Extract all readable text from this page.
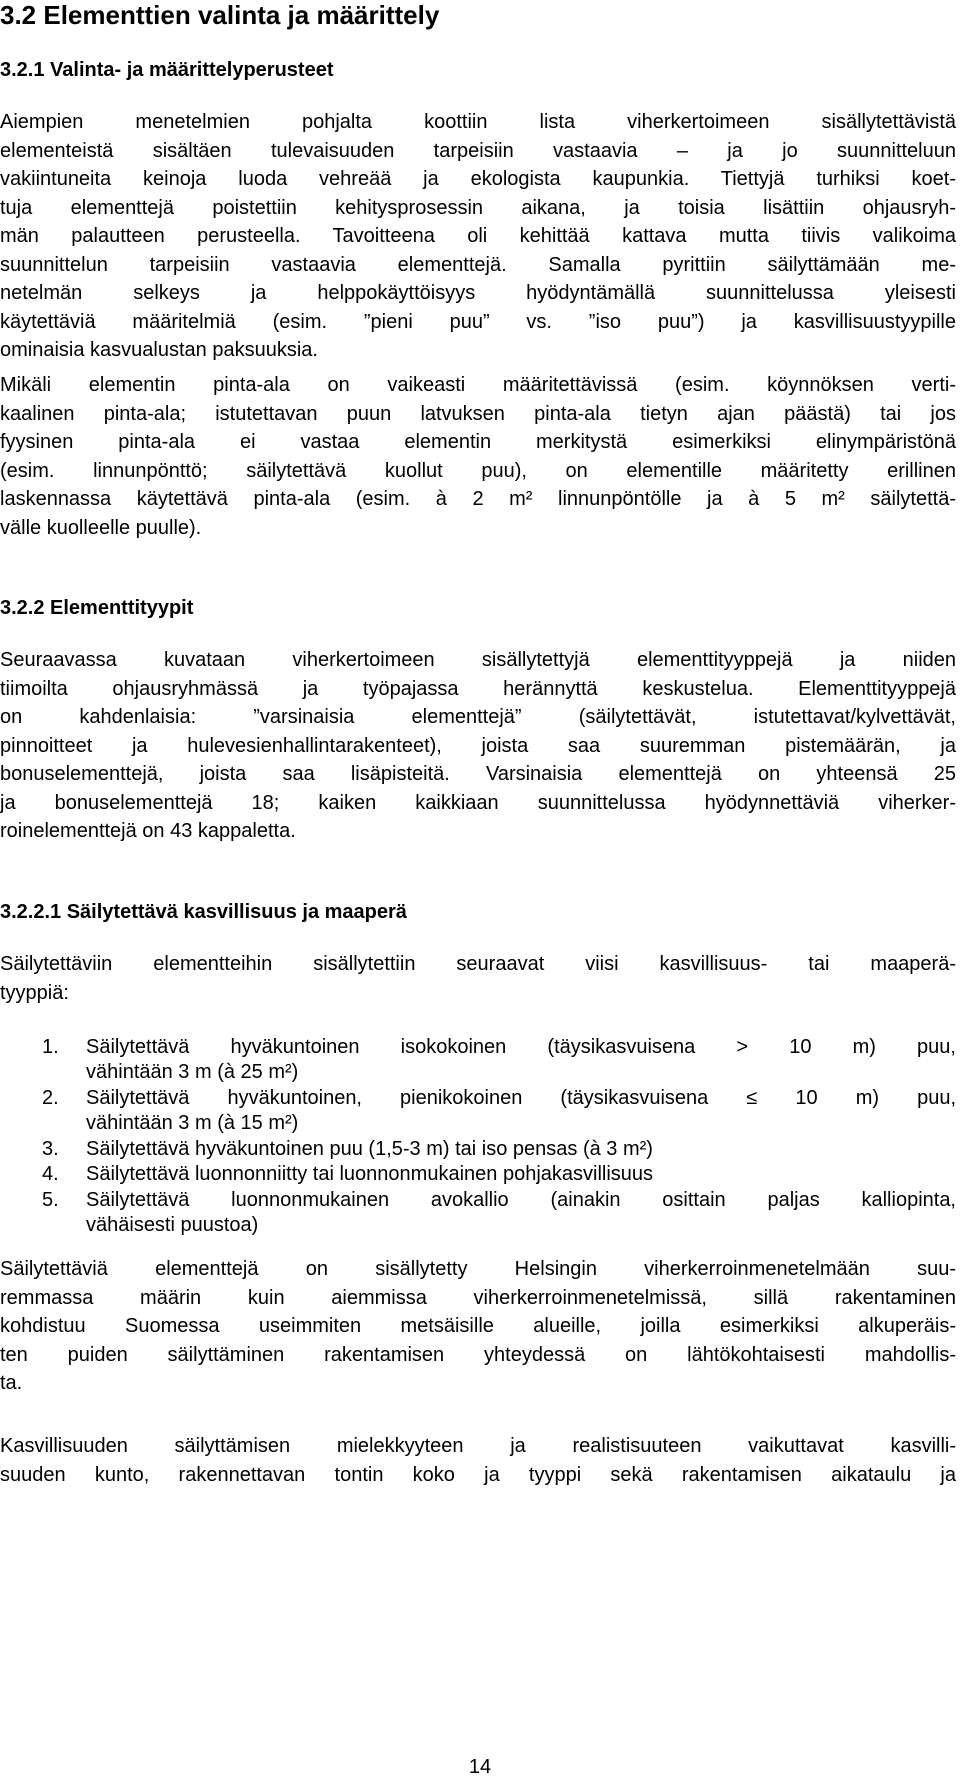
3.2 Elementtien valinta ja määrittely
3.2.1 Valinta- ja määrittelyperusteet
Aiempien menetelmien pohjalta koottiin lista viherkertoimeen sisällytettävistä
elementeistä sisältäen tulevaisuuden tarpeisiin vastaavia – ja jo suunnitteluun
vakiintuneita keinoja luoda vehreää ja ekologista kaupunkia. Tiettyjä turhiksi koet-
tuja elementtejä poistettiin kehitysprosessin aikana, ja toisia lisättiin ohjausryh-
män palautteen perusteella. Tavoitteena oli kehittää kattava mutta tiivis valikoima
suunnittelun tarpeisiin vastaavia elementtejä. Samalla pyrittiin säilyttämään me-
netelmän selkeys ja helppokäyttöisyys hyödyntämällä suunnittelussa yleisesti
käytettäviä määritelmiä (esim. ”pieni puu” vs. ”iso puu”) ja kasvillisuustyypille
ominaisia kasvualustan paksuuksia.
Mikäli elementin pinta-ala on vaikeasti määritettävissä (esim. köynnöksen verti-
kaalinen pinta-ala; istutettavan puun latvuksen pinta-ala tietyn ajan päästä) tai jos
fyysinen pinta-ala ei vastaa elementin merkitystä esimerkiksi elinympäristönä
(esim. linnunpönttö; säilytettävä kuollut puu), on elementille määritetty erillinen
laskennassa käytettävä pinta-ala (esim. à 2 m² linnunpöntölle ja à 5 m² säilytettä-
välle kuolleelle puulle).
3.2.2 Elementtityypit
Seuraavassa kuvataan viherkertoimeen sisällytettyjä elementtityyppejä ja niiden
tiimoilta ohjausryhmässä ja työpajassa herännyttä keskustelua. Elementtityyppejä
on kahdenlaisia: ”varsinaisia elementtejä” (säilytettävät, istutettavat/kylvettävät,
pinnoitteet ja hulevesienhallintarakenteet), joista saa suuremman pistemäärän, ja
bonuselementtejä, joista saa lisäpisteitä. Varsinaisia elementtejä on yhteensä 25
ja bonuselementtejä 18; kaiken kaikkiaan suunnittelussa hyödynnettäviä viherker-
roinelementtejä on 43 kappaletta.
3.2.2.1 Säilytettävä kasvillisuus ja maaperä
Säilytettäviin elementteihin sisällytettiin seuraavat viisi kasvillisuus- tai maaperä-
tyyppiä:
1. Säilytettävä hyväkuntoinen isokokoinen (täysikasvuisena > 10 m) puu,
vähintään 3 m (à 25 m²)
2. Säilytettävä hyväkuntoinen, pienikokoinen (täysikasvuisena ≤ 10 m) puu,
vähintään 3 m (à 15 m²)
3. Säilytettävä hyväkuntoinen puu (1,5-3 m) tai iso pensas (à 3 m²)
4. Säilytettävä luonnonniitty tai luonnonmukainen pohjakasvillisuus
5. Säilytettävä luonnonmukainen avokallio (ainakin osittain paljas kalliopinta,
vähäisesti puustoa)
Säilytettäviä elementtejä on sisällytetty Helsingin viherkerroinmenetelmään suu-
remmassa määrin kuin aiemmissa viherkerroinmenetelmissä, sillä rakentaminen
kohdistuu Suomessa useimmiten metsäisille alueille, joilla esimerkiksi alkuperäis-
ten puiden säilyttäminen rakentamisen yhteydessä on lähtökohtaisesti mahdollis-
ta.
Kasvillisuuden säilyttämisen mielekkyyteen ja realistisuuteen vaikuttavat kasvilli-
suuden kunto, rakennettavan tontin koko ja tyyppi sekä rakentamisen aikataulu ja
14
